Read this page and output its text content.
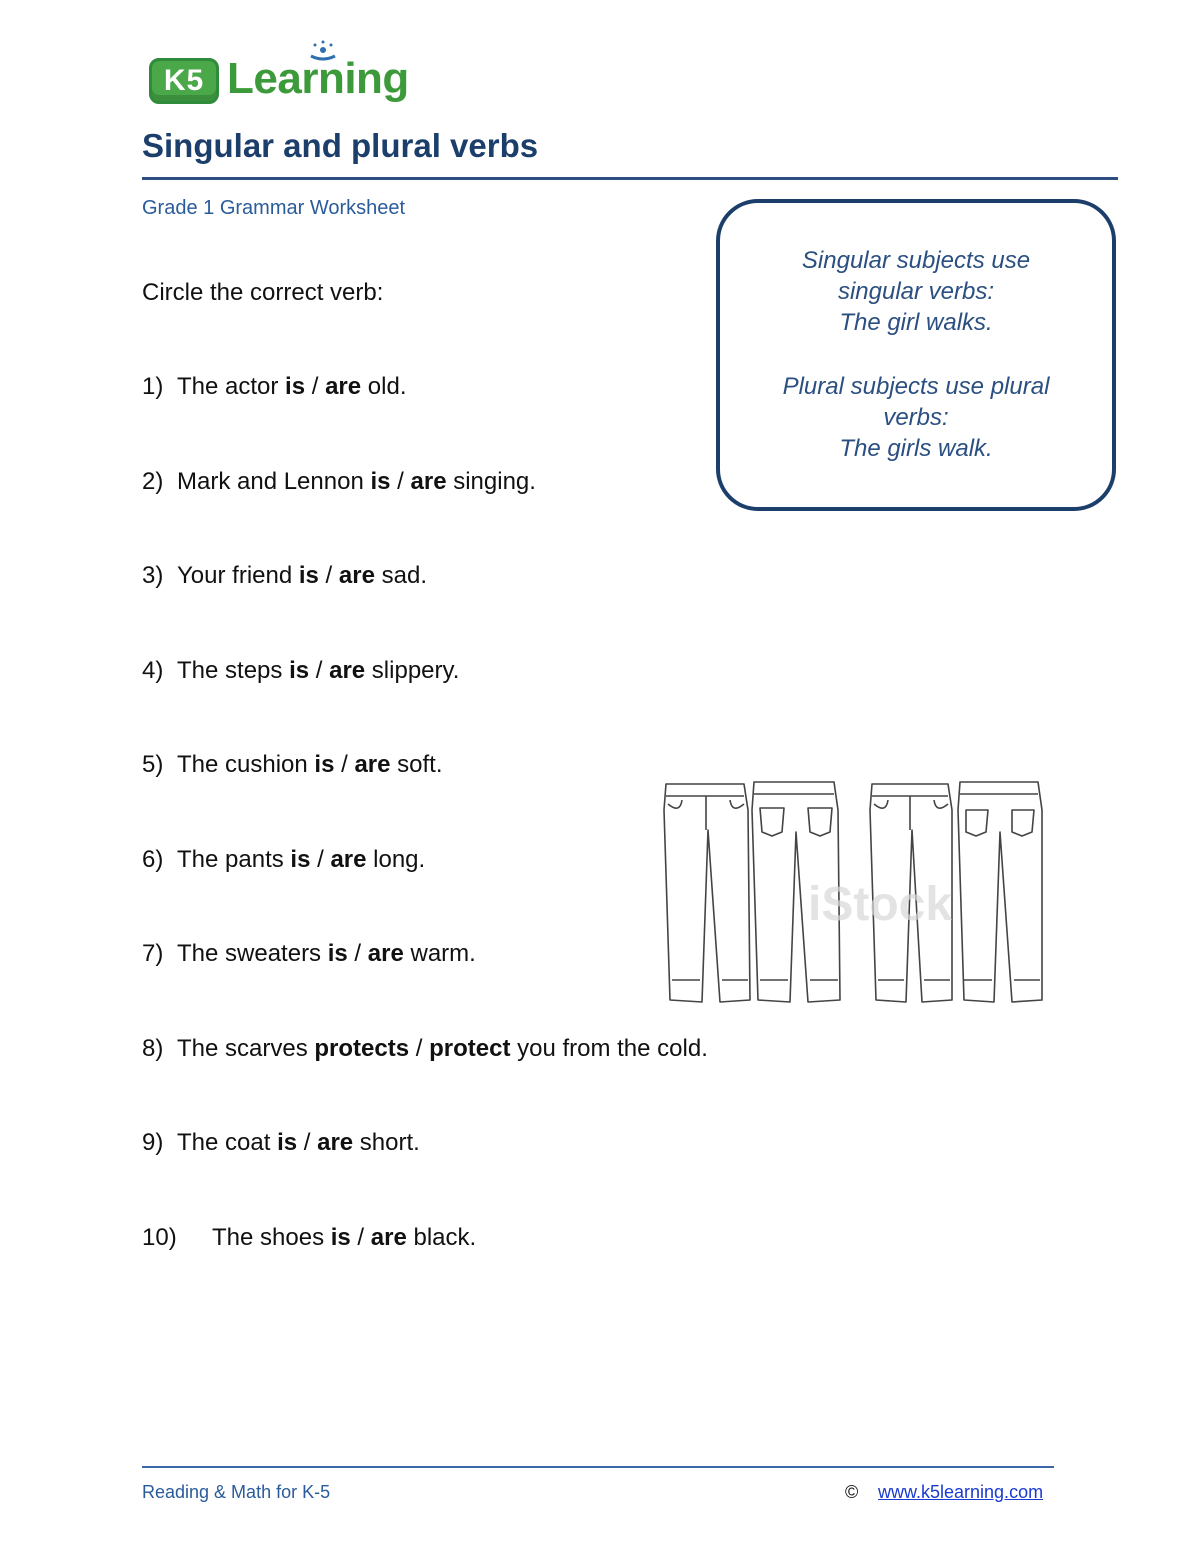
K5 Learning
Singular and plural verbs
Grade 1 Grammar Worksheet
Circle the correct verb:
1) The actor is / are old.
2) Mark and Lennon is / are singing.
3) Your friend is / are sad.
4) The steps is / are slippery.
5) The cushion is / are soft.
6) The pants is / are long.
7) The sweaters is / are warm.
8) The scarves protects / protect you from the cold.
9) The coat is / are short.
10) The shoes is / are black.
Singular subjects use
singular verbs:
The girl walks.
Plural subjects use plural
verbs:
The girls walk.
iStock
Reading & Math for K-5	© www.k5learning.com
